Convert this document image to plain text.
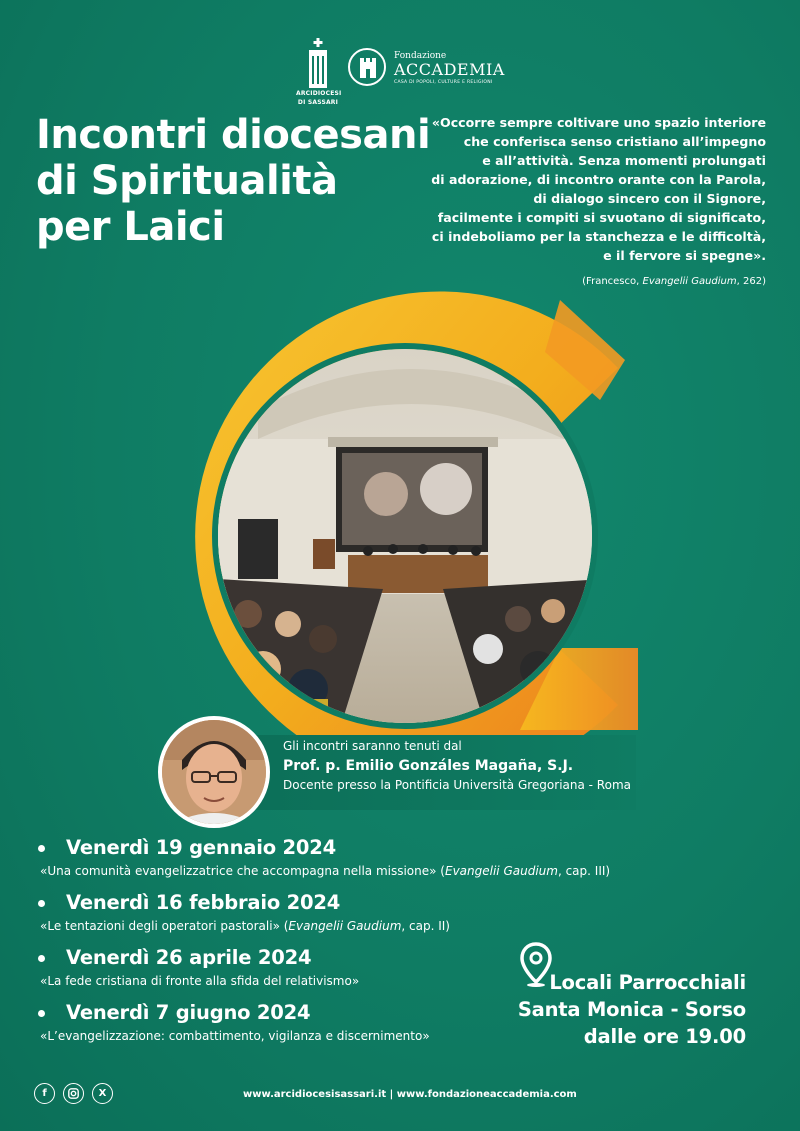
ARCIDIOCESI
DI SASSARI
Fondazione
ACCADEMIA
CASA DI POPOLI, CULTURE E RELIGIONI
Incontri diocesani
di Spiritualità
per Laici
«Occorre sempre coltivare uno spazio interiore
che conferisca senso cristiano all’impegno
e all’attività. Senza momenti prolungati
di adorazione, di incontro orante con la Parola,
di dialogo sincero con il Signore,
facilmente i compiti si svuotano di significato,
ci indeboliamo per la stanchezza e le difficoltà,
e il fervore si spegne».
(Francesco, Evangelii Gaudium, 262)
Gli incontri saranno tenuti dal
Prof. p. Emilio Gonzáles Magaña, S.J.
Docente presso la Pontificia Università Gregoriana - Roma
Venerdì 19 gennaio 2024
«Una comunità evangelizzatrice che accompagna nella missione» (Evangelii Gaudium, cap. III)
Venerdì 16 febbraio 2024
«Le tentazioni degli operatori pastorali» (Evangelii Gaudium, cap. II)
Venerdì 26 aprile 2024
«La fede cristiana di fronte alla sfida del relativismo»
Venerdì 7 giugno 2024
«L’evangelizzazione: combattimento, vigilanza e discernimento»
Locali Parrocchiali
Santa Monica - Sorso
dalle ore 19.00
f	X	www.arcidiocesisassari.it | www.fondazioneaccademia.com
